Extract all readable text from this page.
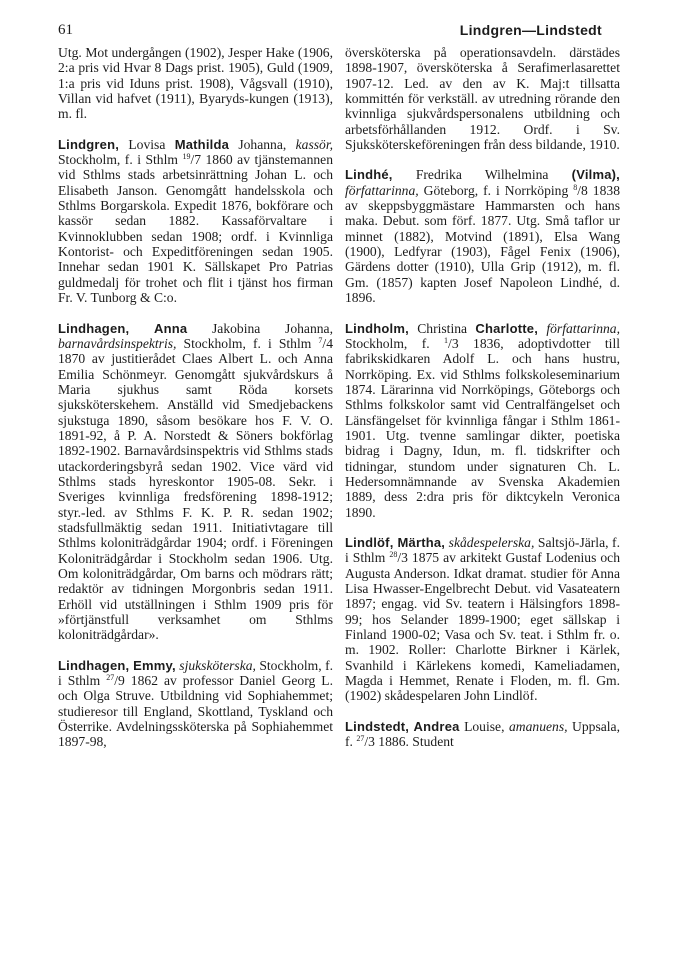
61	Lindgren—Lindstedt

Utg. Mot undergången (1902), Jesper Hake (1906, 2:a pris vid Hvar 8 Dags prist. 1905), Guld (1909, 1:a pris vid Iduns prist. 1908), Vågsvall (1910), Villan vid hafvet (1911), Byaryds-kungen (1913), m. fl.

Lindgren, Lovisa Mathilda Johanna, kassör, Stockholm, f. i Sthlm $^{19}$/7 1860 av tjänstemannen vid Sthlms stads arbetsinrättning Johan L. och Elisabeth Janson. Genomgått handelsskola och Sthlms Borgarskola. Expedit 1876, bokförare och kassör sedan 1882. Kassaförvaltare i Kvinnoklubben sedan 1908; ordf. i Kvinnliga Kontorist- och Expeditföreningen sedan 1905. Innehar sedan 1901 K. Sällskapet Pro Patrias guldmedalj för trohet och flit i tjänst hos firman Fr. V. Tunborg & C:o.

Lindhagen, Anna Jakobina Johanna, barnavårdsinspektris, Stockholm, f. i Sthlm $^7$/4 1870 av justitierådet Claes Albert L. och Anna Emilia Schönmeyr. Genomgått sjukvårdskurs å Maria sjukhus samt Röda korsets sjuksköterskehem. Anställd vid Smedjebackens sjukstuga 1890, såsom besökare hos F. V. O. 1891-92, å P. A. Norstedt & Söners bokförlag 1892-1902. Barnavårdsinspektris vid Sthlms stads utackorderingsbyrå sedan 1902. Vice värd vid Sthlms stads hyreskontor 1905-08. Sekr. i Sveriges kvinnliga fredsförening 1898-1912; styr.-led. av Sthlms F. K. P. R. sedan 1902; stadsfullmäktig sedan 1911. Initiativtagare till Sthlms koloniträdgårdar 1904; ordf. i Föreningen Koloniträdgårdar i Stockholm sedan 1906. Utg. Om koloniträdgårdar, Om barns och mödrars rätt; redaktör av tidningen Morgonbris sedan 1911. Erhöll vid utställningen i Sthlm 1909 pris för »förtjänstfull verksamhet om Sthlms koloniträdgårdar».

Lindhagen, Emmy, sjuksköterska, Stockholm, f. i Sthlm $^{27}$/9 1862 av professor Daniel Georg L. och Olga Struve. Utbildning vid Sophiahemmet; studieresor till England, Skottland, Tyskland och Österrike. Avdelningssköterska på Sophiahemmet 1897-98,

översköterska på operationsavdeln. därstädes 1898-1907, översköterska å Serafimerlasarettet 1907-12. Led. av den av K. Maj:t tillsatta kommittén för verkställ. av utredning rörande den kvinnliga sjukvårdspersonalens utbildning och arbetsförhållanden 1912. Ordf. i Sv. Sjuksköterskeföreningen från dess bildande, 1910.

Lindhé, Fredrika Wilhelmina (Vilma), författarinna, Göteborg, f. i Norrköping $^8$/8 1838 av skeppsbyggmästare Hammarsten och hans maka. Debut. som förf. 1877. Utg. Små taflor ur minnet (1882), Motvind (1891), Elsa Wang (1900), Ledfyrar (1903), Fågel Fenix (1906), Gärdens dotter (1910), Ulla Grip (1912), m. fl. Gm. (1857) kapten Josef Napoleon Lindhé, d. 1896.

Lindholm, Christina Charlotte, författarinna, Stockholm, f. $^1$/3 1836, adoptivdotter till fabrikskidkaren Adolf L. och hans hustru, Norrköping. Ex. vid Sthlms folkskoleseminarium 1874. Lärarinna vid Norrköpings, Göteborgs och Sthlms folkskolor samt vid Centralfängelset och Länsfängelset för kvinnliga fångar i Sthlm 1861-1901. Utg. tvenne samlingar dikter, poetiska bidrag i Dagny, Idun, m. fl. tidskrifter och tidningar, stundom under signaturen Ch. L. Hedersomnämnande av Svenska Akademien 1889, dess 2:dra pris för diktcykeln Veronica 1890.

Lindlöf, Märtha, skådespelerska, Saltsjö-Järla, f. i Sthlm $^{28}$/3 1875 av arkitekt Gustaf Lodenius och Augusta Anderson. Idkat dramat. studier för Anna Lisa Hwasser-Engelbrecht Debut. vid Vasateatern 1897; engag. vid Sv. teatern i Hälsingfors 1898-99; hos Selander 1899-1900; eget sällskap i Finland 1900-02; Vasa och Sv. teat. i Sthlm fr. o. m. 1902. Roller: Charlotte Birkner i Kärlek, Svanhild i Kärlekens komedi, Kameliadamen, Magda i Hemmet, Renate i Floden, m. fl. Gm. (1902) skådespelaren John Lindlöf.

Lindstedt, Andrea Louise, amanuens, Uppsala, f. $^{27}$/3 1886. Student
